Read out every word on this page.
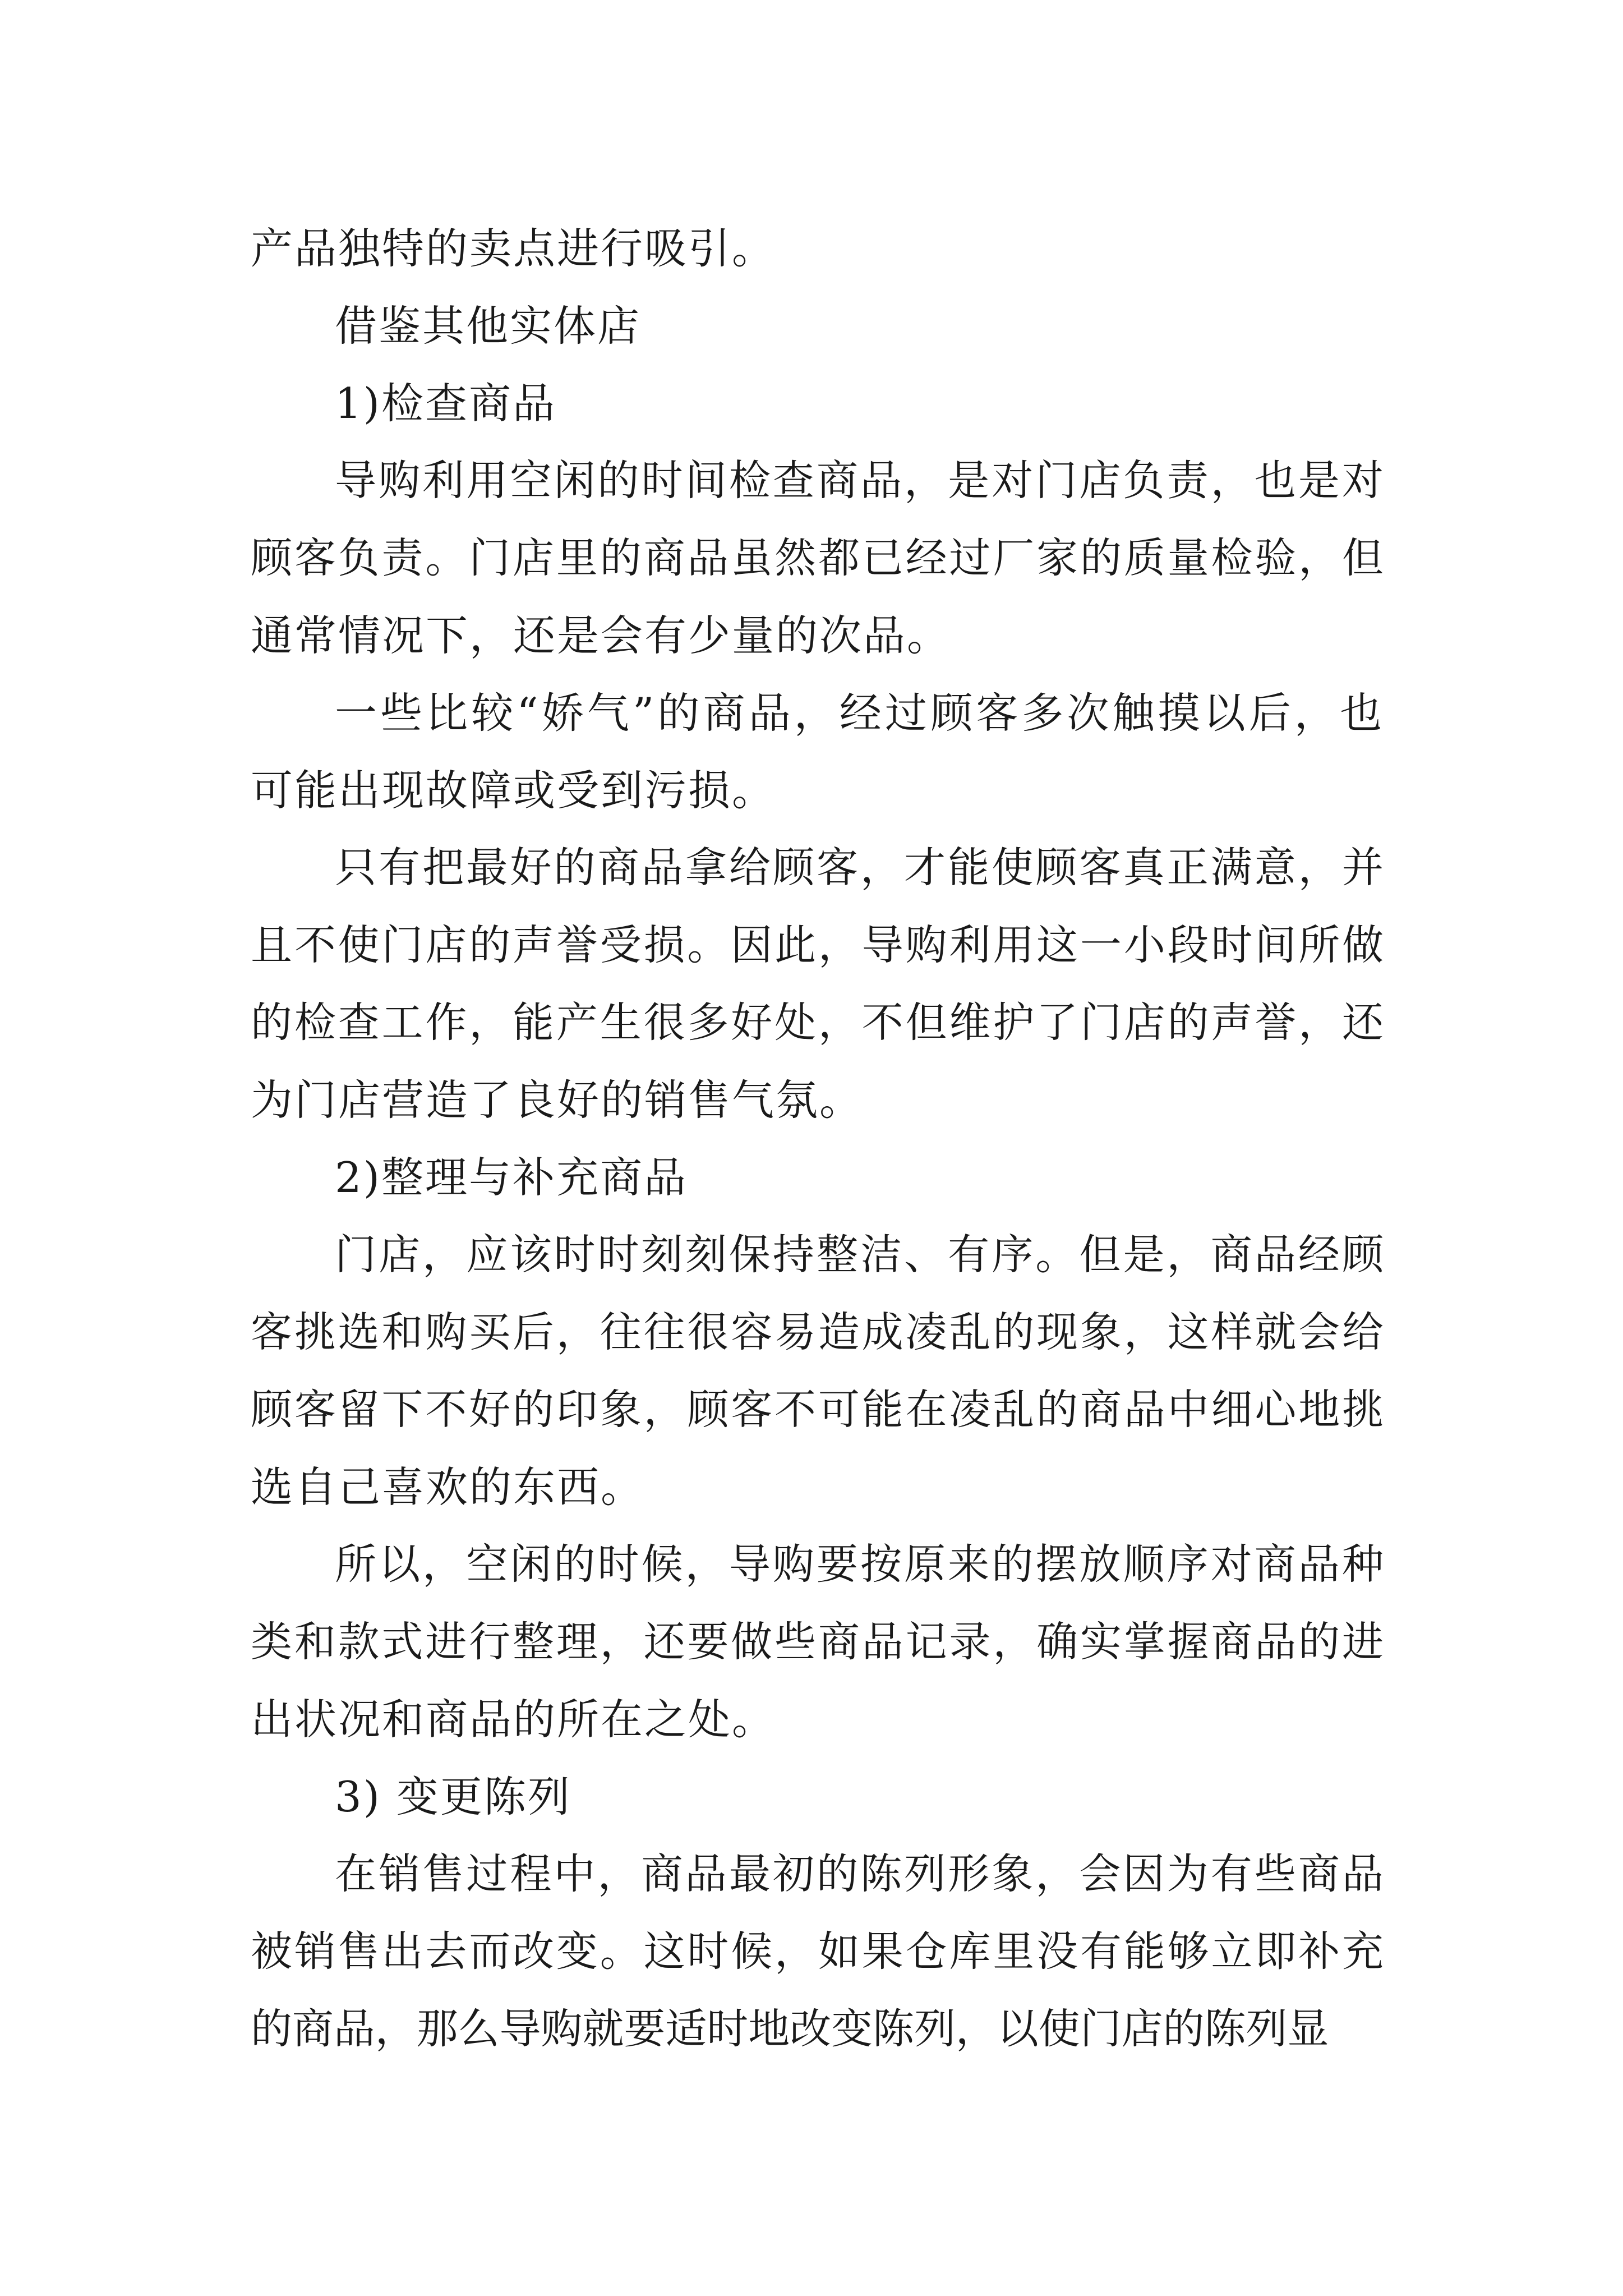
产品独特的卖点进行吸引。
借鉴其他实体店
1)检查商品
导购利用空闲的时间检查商品，是对门店负责，也是对
顾客负责。门店里的商品虽然都已经过厂家的质量检验，但
通常情况下，还是会有少量的次品。
一些比较“娇气”的商品，经过顾客多次触摸以后，也
可能出现故障或受到污损。
只有把最好的商品拿给顾客，才能使顾客真正满意，并
且不使门店的声誉受损。因此，导购利用这一小段时间所做
的检查工作，能产生很多好处，不但维护了门店的声誉，还
为门店营造了良好的销售气氛。
2)整理与补充商品
门店，应该时时刻刻保持整洁、有序。但是，商品经顾
客挑选和购买后，往往很容易造成凌乱的现象，这样就会给
顾客留下不好的印象，顾客不可能在凌乱的商品中细心地挑
选自己喜欢的东西。
所以，空闲的时候，导购要按原来的摆放顺序对商品种
类和款式进行整理，还要做些商品记录，确实掌握商品的进
出状况和商品的所在之处。
3) 变更陈列
在销售过程中，商品最初的陈列形象，会因为有些商品
被销售出去而改变。这时候，如果仓库里没有能够立即补充
的商品，那么导购就要适时地改变陈列，以使门店的陈列显
